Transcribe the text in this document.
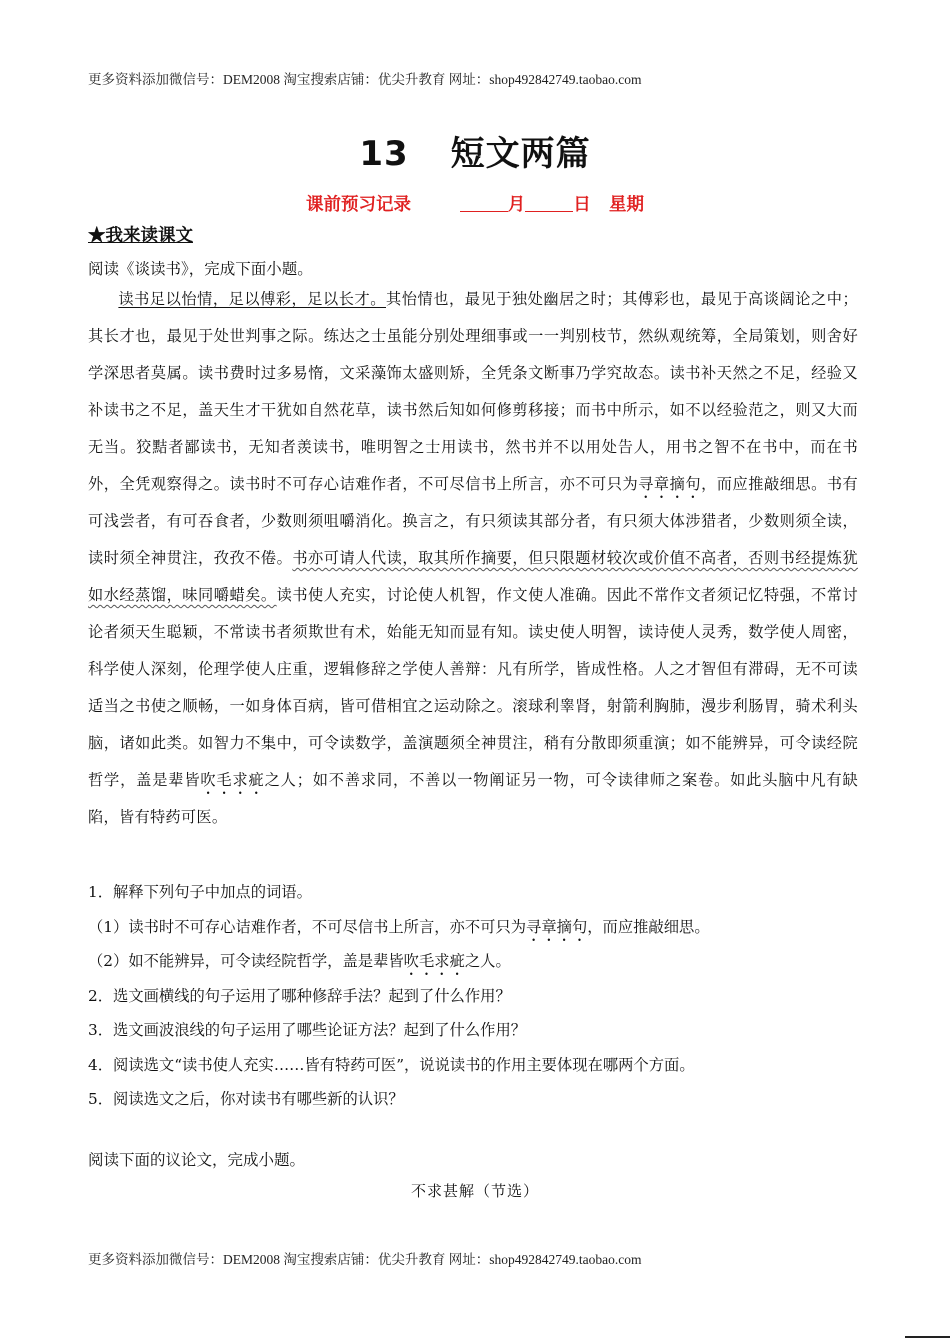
更多资料添加微信号：DEM2008 淘宝搜索店铺：优尖升教育 网址：shop492842749.taobao.com
13 短文两篇
课前预习记录	月	日 星期
★我来读课文
阅读《谈读书》，完成下面小题。

读书足以怡情，足以傅彩，足以长才。其怡情也，最见于独处幽居之时；其傅彩也，最见于高谈阔论之中；其长才也，最见于处世判事之际。练达之士虽能分别处理细事或一一判别枝节，然纵观统筹，全局策划，则舍好学深思者莫属。读书费时过多易惰，文采藻饰太盛则矫，全凭条文断事乃学究故态。读书补天然之不足，经验又补读书之不足，盖天生才干犹如自然花草，读书然后知如何修剪移接；而书中所示，如不以经验范之，则又大而无当。狡黠者鄙读书，无知者羡读书，唯明智之士用读书，然书并不以用处告人，用书之智不在书中，而在书外，全凭观察得之。读书时不可存心诘难作者，不可尽信书上所言，亦不可只为寻章摘句，而应推敲细思。书有可浅尝者，有可吞食者，少数则须咀嚼消化。换言之，有只须读其部分者，有只须大体涉猎者，少数则须全读，读时须全神贯注，孜孜不倦。书亦可请人代读，取其所作摘要，但只限题材较次或价值不高者，否则书经提炼犹如水经蒸馏，味同嚼蜡矣。读书使人充实，讨论使人机智，作文使人准确。因此不常作文者须记忆特强，不常讨论者须天生聪颖，不常读书者须欺世有术，始能无知而显有知。读史使人明智，读诗使人灵秀，数学使人周密，科学使人深刻，伦理学使人庄重，逻辑修辞之学使人善辩：凡有所学，皆成性格。人之才智但有滞碍，无不可读适当之书使之顺畅，一如身体百病，皆可借相宜之运动除之。滚球利睾肾，射箭利胸肺，漫步利肠胃，骑术利头脑，诸如此类。如智力不集中，可令读数学，盖演题须全神贯注，稍有分散即须重演；如不能辨异，可令读经院哲学，盖是辈皆吹毛求疵之人；如不善求同，不善以一物阐证另一物，可令读律师之案卷。如此头脑中凡有缺陷，皆有特药可医。

1．解释下列句子中加点的词语。
（1）读书时不可存心诘难作者，不可尽信书上所言，亦不可只为寻章摘句，而应推敲细思。
（2）如不能辨异，可令读经院哲学，盖是辈皆吹毛求疵之人。
2．选文画横线的句子运用了哪种修辞手法？起到了什么作用？
3．选文画波浪线的句子运用了哪些论证方法？起到了什么作用？
4．阅读选文“读书使人充实……皆有特药可医”，说说读书的作用主要体现在哪两个方面。
5．阅读选文之后，你对读书有哪些新的认识？
阅读下面的议论文，完成小题。
不求甚解（节选）
更多资料添加微信号：DEM2008 淘宝搜索店铺：优尖升教育 网址：shop492842749.taobao.com
